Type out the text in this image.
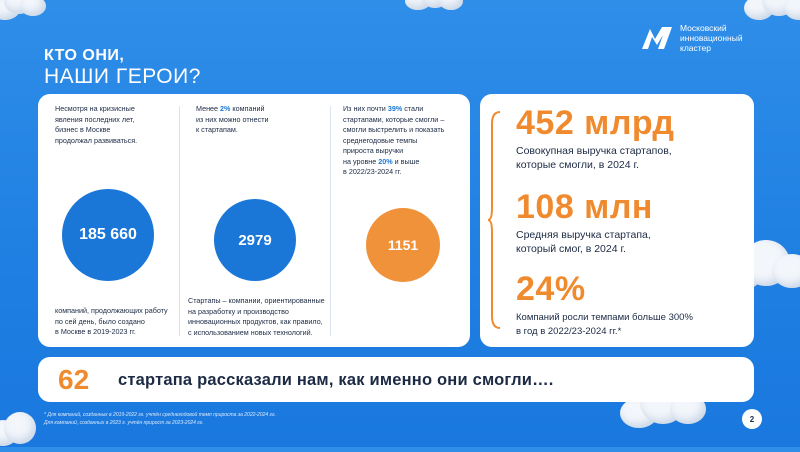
КТО ОНИ,
НАШИ ГЕРОИ?
Московский
инновационный
кластер
Несмотря на кризисные
явления последних лет,
бизнес в Москве
продолжал развиваться.
185 660
компаний, продолжающих работу
по сей день, было создано
в Москве в 2019-2023 гг.
Менее 2% компаний
из них можно отнести
к стартапам.
2979
Стартапы – компании, ориентированные
на разработку и производство
инновационных продуктов, как правило,
с использованием новых технологий.
Из них почти 39% стали
стартапами, которые смогли –
смогли выстрелить и показать
среднегодовые темпы
прироста выручки
на уровне 20% и выше
в 2022/23-2024 гг.
1151
452 млрд
Совокупная выручка стартапов,
которые смогли, в 2024 г.
108 млн
Средняя выручка стартапа,
который смог, в 2024 г.
24%
Компаний росли темпами больше 300%
в год в 2022/23-2024 гг.*
62 стартапа рассказали нам, как именно они смогли….
* Для компаний, созданных в 2019-2022 гг. учтён среднегодовой темп прироста за 2022-2024 гг.
Для компаний, созданных в 2023 г. учтён прирост за 2023-2024 гг.	2
